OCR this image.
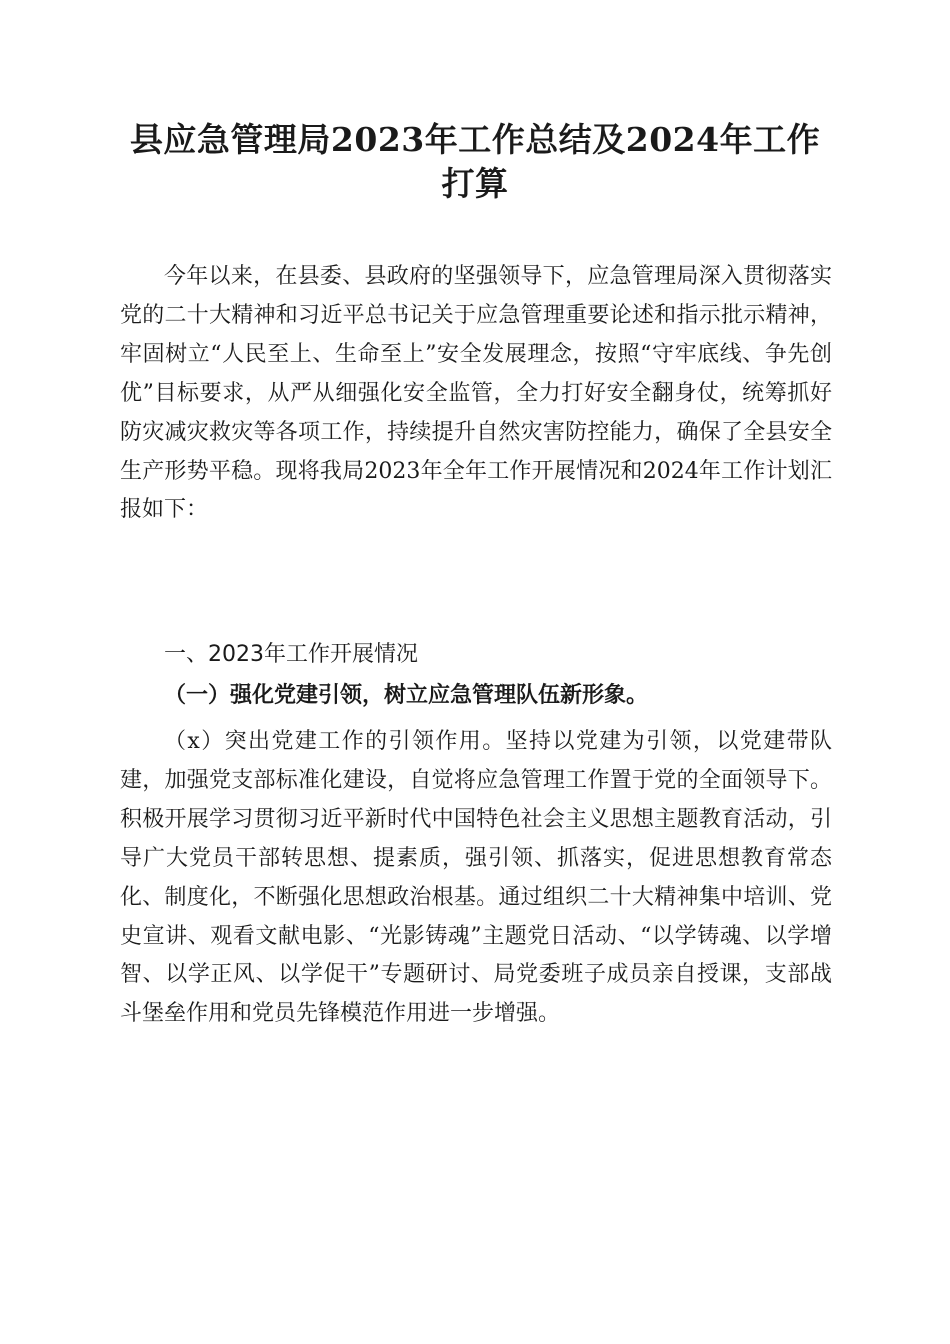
县应急管理局2023年工作总结及2024年工作
打算

今年以来，在县委、县政府的坚强领导下，应急管理局深入贯彻落实党的二十大精神和习近平总书记关于应急管理重要论述和指示批示精神，牢固树立“人民至上、生命至上”安全发展理念，按照“守牢底线、争先创优”目标要求，从严从细强化安全监管，全力打好安全翻身仗，统筹抓好防灾减灾救灾等各项工作，持续提升自然灾害防控能力，确保了全县安全生产形势平稳。现将我局2023年全年工作开展情况和2024年工作计划汇报如下：

一、2023年工作开展情况

（一）强化党建引领，树立应急管理队伍新形象。

（x）突出党建工作的引领作用。坚持以党建为引领，以党建带队建，加强党支部标准化建设，自觉将应急管理工作置于党的全面领导下。积极开展学习贯彻习近平新时代中国特色社会主义思想主题教育活动，引导广大党员干部转思想、提素质，强引领、抓落实，促进思想教育常态化、制度化，不断强化思想政治根基。通过组织二十大精神集中培训、党史宣讲、观看文献电影、“光影铸魂”主题党日活动、“以学铸魂、以学增智、以学正风、以学促干”专题研讨、局党委班子成员亲自授课，支部战斗堡垒作用和党员先锋模范作用进一步增强。
